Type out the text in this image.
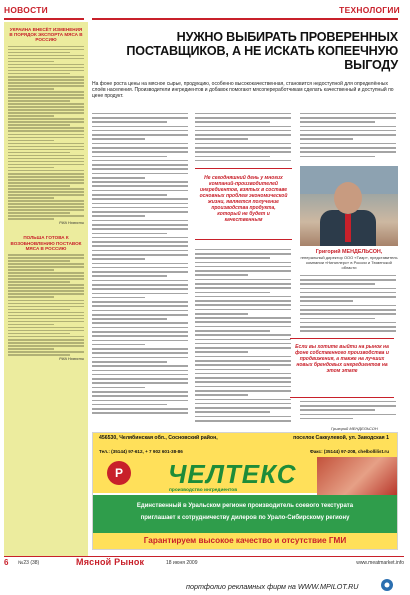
НОВОСТИ	ТЕХНОЛОГИИ
УКРАИНА ВНЕСЁТ ИЗМЕНЕНИЯ В ПОРЯДОК ЭКСПОРТА МЯСА В РОССИЮ
РИА Новости
ПОЛЬША ГОТОВА К ВОЗОБНОВЛЕНИЮ ПОСТАВОК МЯСА В РОССИЮ
РИА Новости
НУЖНО ВЫБИРАТЬ ПРОВЕРЕННЫХ ПОСТАВЩИКОВ, А НЕ ИСКАТЬ КОПЕЕЧНУЮ ВЫГОДУ
На фоне роста цены на мясное сырье, продукцию, особенно высококачественная, становится недоступной для определённых слоёв населения. Производители ингредиентов и добавок помогают мясопереработчикам сделать качественный и доступный по цене продукт.
Не сегодняшний день у многих компаний-производителей ингредиентов, взятых в составе основных проблем экономической жизни, является получение производства продукта, который не будет и качественным
Григорий МЕНДЕЛЬСОН,
генеральный директор ООО «Тиар», представитель компании «Ниниглерс» в России и Тюменской области
Если вы хотите выйти на рынок на фоне собственного производства и продвижения, а также на лучших новых брендовых ингредиентов на этом этапе
Григорий МЕНДЕЛЬСОН
456530, Челябинская обл., Сосновский район,	поселок Саккулевой, ул. Заводская 1
Тел.: (35144) 97-612, + 7 902 601-38-86	Факс: (35144) 97-208, chelbollilist.ru
Р	ЧЕЛТЕКС
производство ингредиентов
Единственный в Уральском регионе производитель соевого текстурата
приглашает к сотрудничеству дилеров по Урало-Сибирскому региону
Гарантируем высокое качество и отсутствие ГМИ
6 №23 (38)	Мясной Рынок	18 июня 2009	www.meatmarket.info
портфолио рекламных фирм на WWW.MPILOT.RU
